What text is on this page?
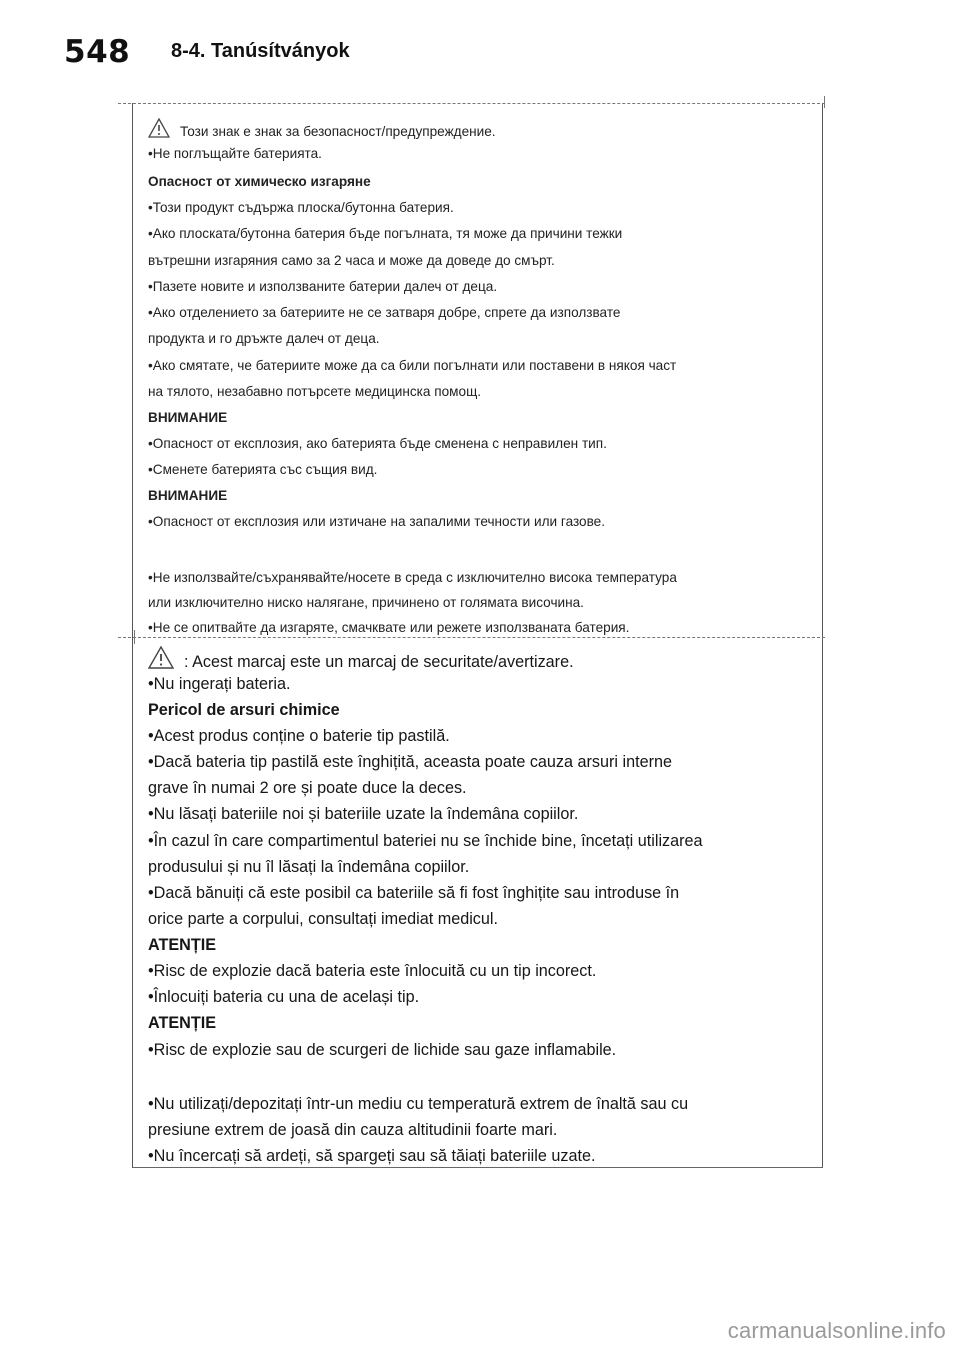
548 8-4. Tanúsítványok
Този знак е знак за безопасност/предупреждение.
•Не поглъщайте батерията.
Опасност от химическо изгаряне
•Този продукт съдържа плоска/бутонна батерия.
•Ако плоската/бутонна батерия бъде погълната, тя може да причини тежки
вътрешни изгаряния само за 2 часа и може да доведе до смърт.
•Пазете новите и използваните батерии далеч от деца.
•Ако отделението за батериите не се затваря добре, спрете да използвате
продукта и го дръжте далеч от деца.
•Ако смятате, че батериите може да са били погълнати или поставени в някоя част
на тялото, незабавно потърсете медицинска помощ.
ВНИМАНИЕ
•Опасност от експлозия, ако батерията бъде сменена с неправилен тип.
•Сменете батерията със същия вид.
ВНИМАНИЕ
•Опасност от експлозия или изтичане на запалими течности или газове.
•Не използвайте/съхранявайте/носете в среда с изключително висока температура
или изключително ниско налягане, причинено от голямата височина.
•Не се опитвайте да изгаряте, смачквате или режете използваната батерия.
: Acest marcaj este un marcaj de securitate/avertizare.
•Nu ingerați bateria.
Pericol de arsuri chimice
•Acest produs conține o baterie tip pastilă.
•Dacă bateria tip pastilă este înghițită, aceasta poate cauza arsuri interne
grave în numai 2 ore și poate duce la deces.
•Nu lăsați bateriile noi și bateriile uzate la îndemâna copiilor.
•În cazul în care compartimentul bateriei nu se închide bine, încetați utilizarea
produsului și nu îl lăsați la îndemâna copiilor.
•Dacă bănuiți că este posibil ca bateriile să fi fost înghițite sau introduse în
orice parte a corpului, consultați imediat medicul.
ATENȚIE
•Risc de explozie dacă bateria este înlocuită cu un tip incorect.
•Înlocuiți bateria cu una de același tip.
ATENȚIE
•Risc de explozie sau de scurgeri de lichide sau gaze inflamabile.
•Nu utilizați/depozitați într-un mediu cu temperatură extrem de înaltă sau cu
presiune extrem de joasă din cauza altitudinii foarte mari.
•Nu încercați să ardeți, să spargeți sau să tăiați bateriile uzate.
carmanualsonline.info
